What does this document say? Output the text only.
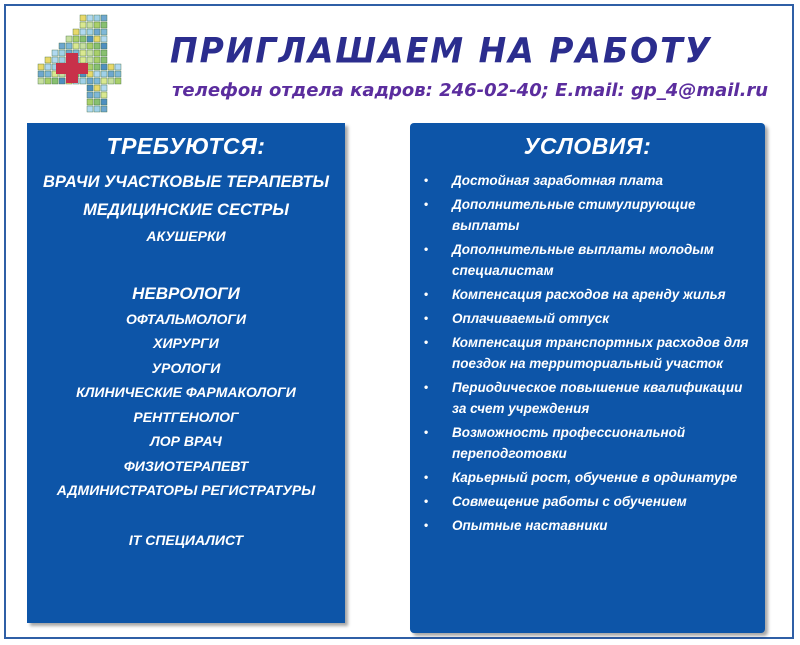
ПРИГЛАШАЕМ НА РАБОТУ
телефон отдела кадров: 246-02-40; E.mail: gp_4@mail.ru
ТРЕБУЮТСЯ:
ВРАЧИ УЧАСТКОВЫЕ ТЕРАПЕВТЫ
МЕДИЦИНСКИЕ СЕСТРЫ
АКУШЕРКИ
НЕВРОЛОГИ
ОФТАЛЬМОЛОГИ
ХИРУРГИ
УРОЛОГИ
КЛИНИЧЕСКИЕ ФАРМАКОЛОГИ
РЕНТГЕНОЛОГ
ЛОР ВРАЧ
ФИЗИОТЕРАПЕВТ
АДМИНИСТРАТОРЫ РЕГИСТРАТУРЫ
IT СПЕЦИАЛИСТ
УСЛОВИЯ:
• Достойная заработная плата
• Дополнительные стимулирующие выплаты
• Дополнительные выплаты молодым специалистам
• Компенсация расходов на аренду жилья
• Оплачиваемый отпуск
• Компенсация транспортных расходов для поездок на территориальный участок
• Периодическое повышение квалификации за счет учреждения
• Возможность профессиональной переподготовки
• Карьерный рост, обучение в ординатуре
• Совмещение работы с обучением
• Опытные наставники
